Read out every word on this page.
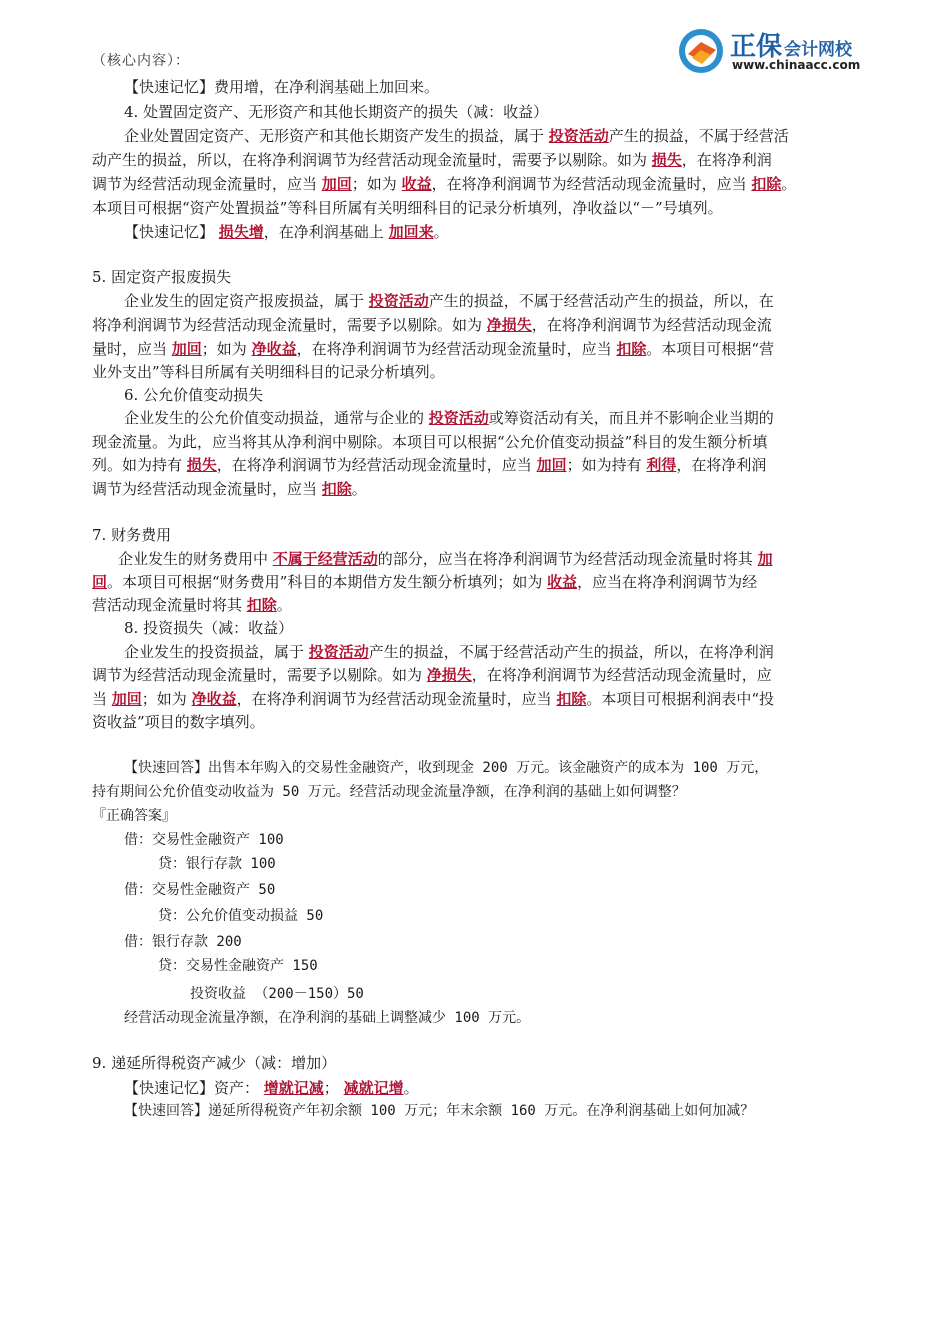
正保 会计网校
www.chinaacc.com
（核心内容）：
【快速记忆】费用增，在净利润基础上加回来。
4. 处置固定资产、无形资产和其他长期资产的损失（减：收益）
企业处置固定资产、无形资产和其他长期资产发生的损益，属于 投资活动产生的损益，不属于经营活
动产生的损益，所以，在将净利润调节为经营活动现金流量时，需要予以剔除。如为 损失，在将净利润
调节为经营活动现金流量时，应当 加回；如为 收益，在将净利润调节为经营活动现金流量时，应当 扣除。
本项目可根据“资产处置损益”等科目所属有关明细科目的记录分析填列，净收益以“－”号填列。
【快速记忆】 损失增，在净利润基础上 加回来。
5. 固定资产报废损失
企业发生的固定资产报废损益，属于 投资活动产生的损益，不属于经营活动产生的损益，所以，在
将净利润调节为经营活动现金流量时，需要予以剔除。如为 净损失，在将净利润调节为经营活动现金流
量时，应当 加回；如为 净收益，在将净利润调节为经营活动现金流量时，应当 扣除。本项目可根据“营
业外支出”等科目所属有关明细科目的记录分析填列。
6. 公允价值变动损失
企业发生的公允价值变动损益，通常与企业的 投资活动或筹资活动有关，而且并不影响企业当期的
现金流量。为此，应当将其从净利润中剔除。本项目可以根据“公允价值变动损益”科目的发生额分析填
列。如为持有 损失，在将净利润调节为经营活动现金流量时，应当 加回；如为持有 利得，在将净利润
调节为经营活动现金流量时，应当 扣除。
7. 财务费用
企业发生的财务费用中 不属于经营活动的部分，应当在将净利润调节为经营活动现金流量时将其 加
回。本项目可根据“财务费用”科目的本期借方发生额分析填列；如为 收益，应当在将净利润调节为经
营活动现金流量时将其 扣除。
8. 投资损失（减：收益）
企业发生的投资损益，属于 投资活动产生的损益，不属于经营活动产生的损益，所以，在将净利润
调节为经营活动现金流量时，需要予以剔除。如为 净损失，在将净利润调节为经营活动现金流量时，应
当 加回；如为 净收益，在将净利润调节为经营活动现金流量时，应当 扣除。本项目可根据利润表中“投
资收益”项目的数字填列。
【快速回答】出售本年购入的交易性金融资产，收到现金 200 万元。该金融资产的成本为 100 万元，
持有期间公允价值变动收益为 50 万元。经营活动现金流量净额，在净利润的基础上如何调整？
『正确答案』
借：交易性金融资产 100
贷：银行存款 100
借：交易性金融资产 50
贷：公允价值变动损益 50
借：银行存款 200
贷：交易性金融资产 150
投资收益 （200－150）50
经营活动现金流量净额，在净利润的基础上调整减少 100 万元。
9. 递延所得税资产减少（减：增加）
【快速记忆】资产： 增就记减； 减就记增。
【快速回答】递延所得税资产年初余额 100 万元；年末余额 160 万元。在净利润基础上如何加减？
